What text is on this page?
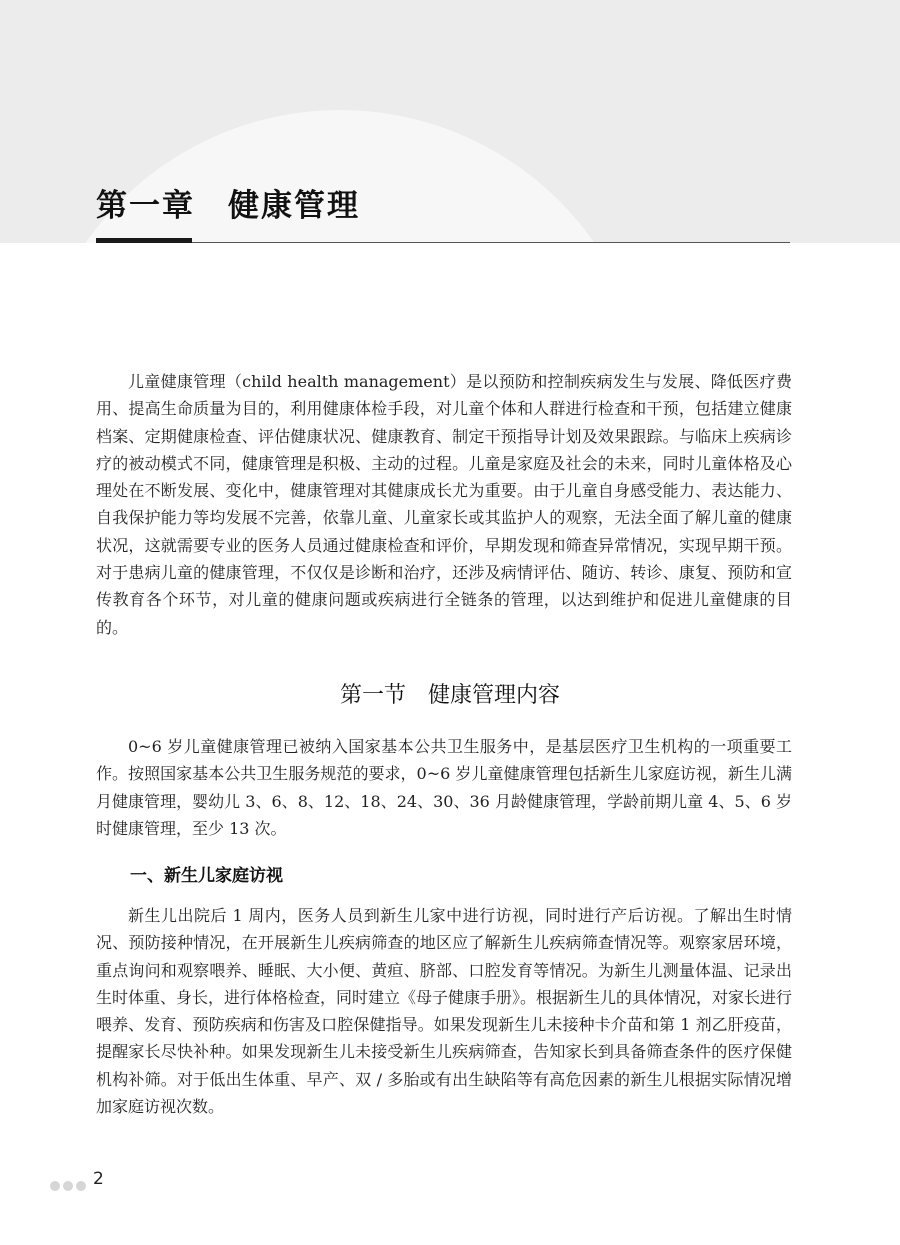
第一章　健康管理

儿童健康管理（child health management）是以预防和控制疾病发生与发展、降低医疗费用、提高生命质量为目的，利用健康体检手段，对儿童个体和人群进行检查和干预，包括建立健康档案、定期健康检查、评估健康状况、健康教育、制定干预指导计划及效果跟踪。与临床上疾病诊疗的被动模式不同，健康管理是积极、主动的过程。儿童是家庭及社会的未来，同时儿童体格及心理处在不断发展、变化中，健康管理对其健康成长尤为重要。由于儿童自身感受能力、表达能力、自我保护能力等均发展不完善，依靠儿童、儿童家长或其监护人的观察，无法全面了解儿童的健康状况，这就需要专业的医务人员通过健康检查和评价，早期发现和筛查异常情况，实现早期干预。对于患病儿童的健康管理，不仅仅是诊断和治疗，还涉及病情评估、随访、转诊、康复、预防和宣传教育各个环节，对儿童的健康问题或疾病进行全链条的管理，以达到维护和促进儿童健康的目的。

第一节　健康管理内容

0~6 岁儿童健康管理已被纳入国家基本公共卫生服务中，是基层医疗卫生机构的一项重要工作。按照国家基本公共卫生服务规范的要求，0~6 岁儿童健康管理包括新生儿家庭访视，新生儿满月健康管理，婴幼儿 3、6、8、12、18、24、30、36 月龄健康管理，学龄前期儿童 4、5、6 岁时健康管理，至少 13 次。

一、新生儿家庭访视

新生儿出院后 1 周内，医务人员到新生儿家中进行访视，同时进行产后访视。了解出生时情况、预防接种情况，在开展新生儿疾病筛查的地区应了解新生儿疾病筛查情况等。观察家居环境，重点询问和观察喂养、睡眠、大小便、黄疸、脐部、口腔发育等情况。为新生儿测量体温、记录出生时体重、身长，进行体格检查，同时建立《母子健康手册》。根据新生儿的具体情况，对家长进行喂养、发育、预防疾病和伤害及口腔保健指导。如果发现新生儿未接种卡介苗和第 1 剂乙肝疫苗，提醒家长尽快补种。如果发现新生儿未接受新生儿疾病筛查，告知家长到具备筛查条件的医疗保健机构补筛。对于低出生体重、早产、双 / 多胎或有出生缺陷等有高危因素的新生儿根据实际情况增加家庭访视次数。

2
